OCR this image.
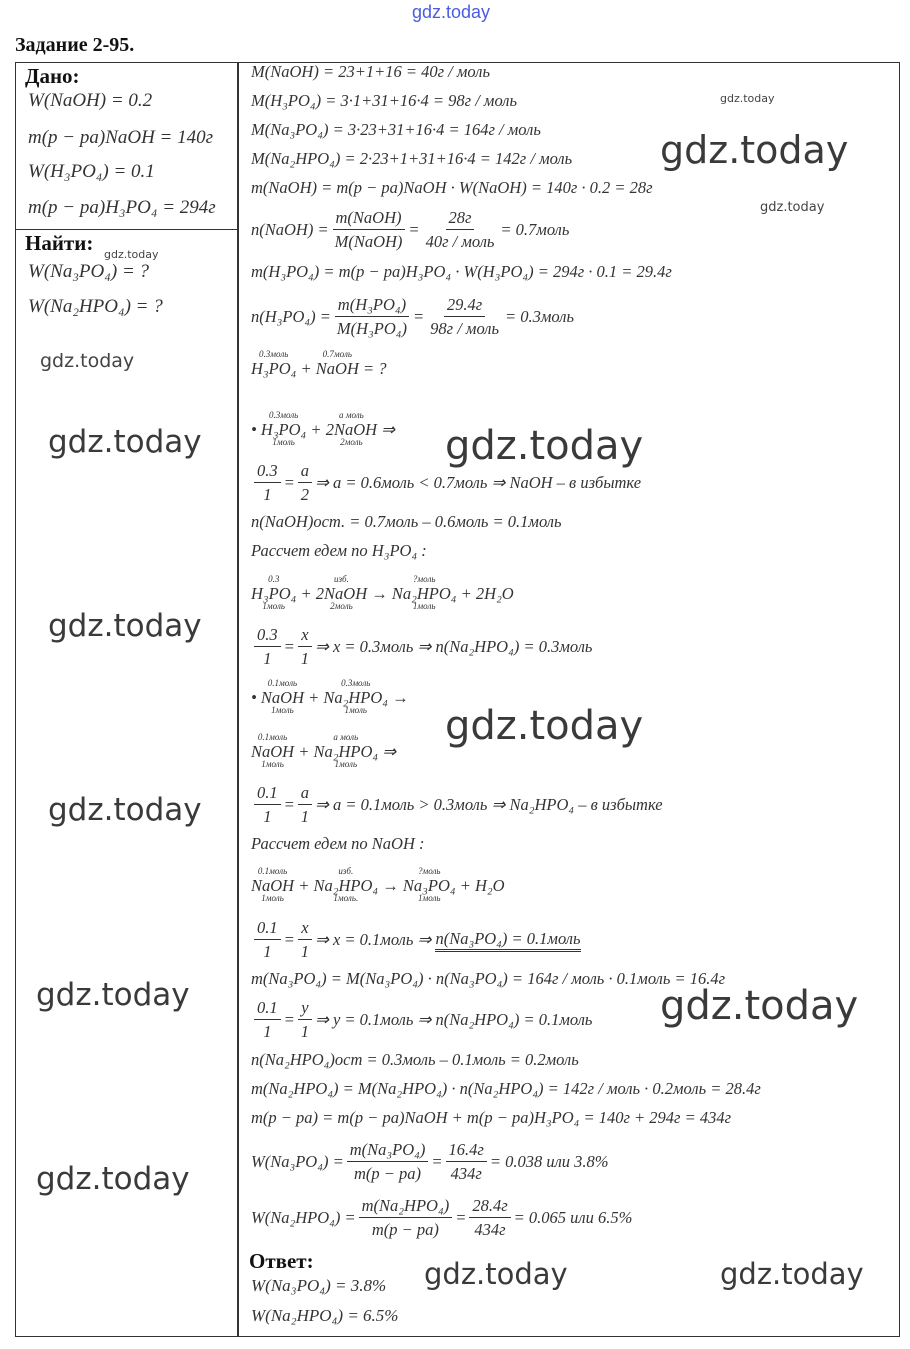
gdz.today
Задание 2-95.
Дано:
W(NaOH) = 0.2
m(p − pa)NaOH = 140г
W(H₃PO₄) = 0.1
m(p − pa)H₃PO₄ = 294г
Найти:
W(Na₃PO₄) = ?
W(Na₂HPO₄) = ?
M(NaOH) = 23+1+16 = 40г / моль
M(H₃PO₄) = 3·1+31+16·4 = 98г / моль
M(Na₃PO₄) = 3·23+31+16·4 = 164г / моль
M(Na₂HPO₄) = 2·23+1+31+16·4 = 142г / моль
m(NaOH) = m(p − pa)NaOH · W(NaOH) = 140г · 0.2 = 28г
n(NaOH) = $\frac{\text{m(NaOH)}}{\text{M(NaOH)}} = \frac{28г}{\text{40г / моль}}$ = 0.7моль
m(H₃PO₄) = m(p − pa)H₃PO₄ · W(H₃PO₄) = 294г · 0.1 = 29.4г
$n(H_3PO_4) = \frac{\text{m(H₃PO₄)}}{\text{M(H₃PO₄)}} = \frac{29.4г}{\text{98г / моль}}$ = 0.3моль
0.3моль
H₃PO₄ +
0.7моль
NaOH = ?
•
0.3моль
H₃PO₄
1моль
+
a моль
2NaOH
2моль
⇒
$\frac{0.3}{1} = \frac{a}{2}$ ⇒ a = 0.6моль < 0.7моль ⇒ NaOH – в избытке
n(NaOH)ост. = 0.7моль – 0.6моль = 0.1моль
Рассчет едем по H₃PO₄ :
0.3
H₃PO₄
1моль
+
изб.
2NaOH
2моль
→
?моль
Na₂HPO₄
1моль
+ 2H₂O
$\frac{0.3}{1} = \frac{x}{1}$ ⇒ x = 0.3моль ⇒ n(Na₂HPO₄) = 0.3моль
•
0.1моль
NaOH
1моль
+
0.3моль
Na₂HPO₄
1моль
→
0.1моль
NaOH
1моль
+
a моль
Na₂HPO₄
1моль
⇒
$\frac{0.1}{1} = \frac{a}{1}$ ⇒ a = 0.1моль > 0.3моль ⇒ Na₂HPO₄ – в избытке
Рассчет едем по NaOH :
0.1моль
NaOH
1моль
+
изб.
Na₂HPO₄
1моль.
→
?моль
Na₃PO₄
1моль
+ H₂O
$\frac{0.1}{1} = \frac{x}{1}$ ⇒ x = 0.1моль ⇒ n(Na₃PO₄) = 0.1моль
m(Na₃PO₄) = M(Na₃PO₄) · n(Na₃PO₄) = 164г / моль · 0.1моль = 16.4г
$\frac{0.1}{1} = \frac{y}{1}$ ⇒ y = 0.1моль ⇒ n(Na₂HPO₄) = 0.1моль
n(Na₂HPO₄)ост = 0.3моль – 0.1моль = 0.2моль
m(Na₂HPO₄) = M(Na₂HPO₄) · n(Na₂HPO₄) = 142г / моль · 0.2моль = 28.4г
m(p − pa) = m(p − pa)NaOH + m(p − pa)H₃PO₄ = 140г + 294г = 434г
$W(Na_3PO_4) = \frac{\text{m(Na₃PO₄)}}{m(p - pa)} = \frac{16.4г}{434г} = 0.038$ или 3.8%
$W(Na_2HPO_4) = \frac{\text{m(Na₂HPO₄)}}{m(p - pa)} = \frac{28.4г}{434г} = 0.065$ или 6.5%
Ответ:
W(Na₃PO₄) = 3.8%
W(Na₂HPO₄) = 6.5%
gdz.today
gdz.today
gdz.today
gdz.today
gdz.today
gdz.today	gdz.today
gdz.today
gdz.today
gdz.today
gdz.today	gdz.today
gdz.today
gdz.today	gdz.today
